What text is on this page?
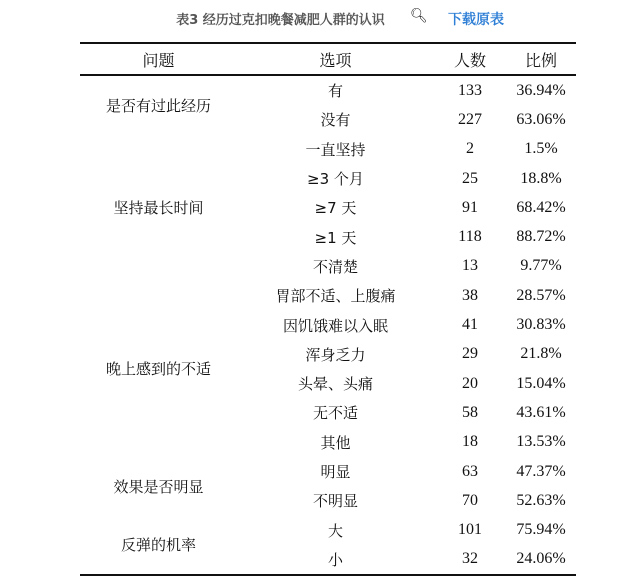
表3 经历过克扣晚餐减肥人群的认识	🔍︎ 下载原表
问题	选项	人数	比例
是否有过此经历	有	133	36.94%
	没有	227	63.06%
坚持最长时间	一直坚持	2	1.5%
	≥3 个月	25	18.8%
	≥7 天	91	68.42%
	≥1 天	118	88.72%
	不清楚	13	9.77%
晚上感到的不适	胃部不适、上腹痛	38	28.57%
	因饥饿难以入眠	41	30.83%
	浑身乏力	29	21.8%
	头晕、头痛	20	15.04%
	无不适	58	43.61%
	其他	18	13.53%
效果是否明显	明显	63	47.37%
	不明显	70	52.63%
反弹的机率	大	101	75.94%
	小	32	24.06%
